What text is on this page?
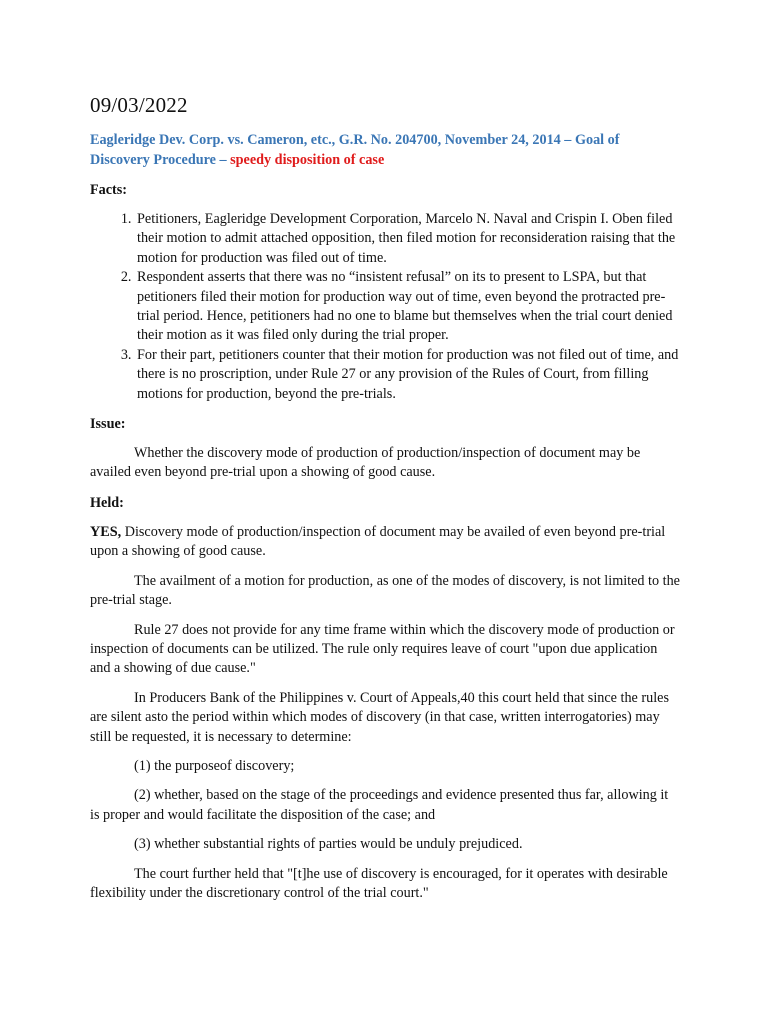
09/03/2022
Eagleridge Dev. Corp. vs. Cameron, etc., G.R. No. 204700, November 24, 2014 – Goal of Discovery Procedure – speedy disposition of case
Facts:
1. Petitioners, Eagleridge Development Corporation, Marcelo N. Naval and Crispin I. Oben filed their motion to admit attached opposition, then filed motion for reconsideration raising that the motion for production was filed out of time.
2. Respondent asserts that there was no “insistent refusal” on its to present to LSPA, but that petitioners filed their motion for production way out of time, even beyond the protracted pre-trial period. Hence, petitioners had no one to blame but themselves when the trial court denied their motion as it was filed only during the trial proper.
3. For their part, petitioners counter that their motion for production was not filed out of time, and there is no proscription, under Rule 27 or any provision of the Rules of Court, from filling motions for production, beyond the pre-trials.
Issue:

Whether the discovery mode of production of production/inspection of document may be availed even beyond pre-trial upon a showing of good cause.

Held:

YES, Discovery mode of production/inspection of document may be availed of even beyond pre-trial upon a showing of good cause.

The availment of a motion for production, as one of the modes of discovery, is not limited to the pre-trial stage.

Rule 27 does not provide for any time frame within which the discovery mode of production or inspection of documents can be utilized. The rule only requires leave of court "upon due application and a showing of due cause."

In Producers Bank of the Philippines v. Court of Appeals,40 this court held that since the rules are silent asto the period within which modes of discovery (in that case, written interrogatories) may still be requested, it is necessary to determine:

(1) the purposeof discovery;

(2) whether, based on the stage of the proceedings and evidence presented thus far, allowing it is proper and would facilitate the disposition of the case; and

(3) whether substantial rights of parties would be unduly prejudiced.

The court further held that "[t]he use of discovery is encouraged, for it operates with desirable flexibility under the discretionary control of the trial court."
